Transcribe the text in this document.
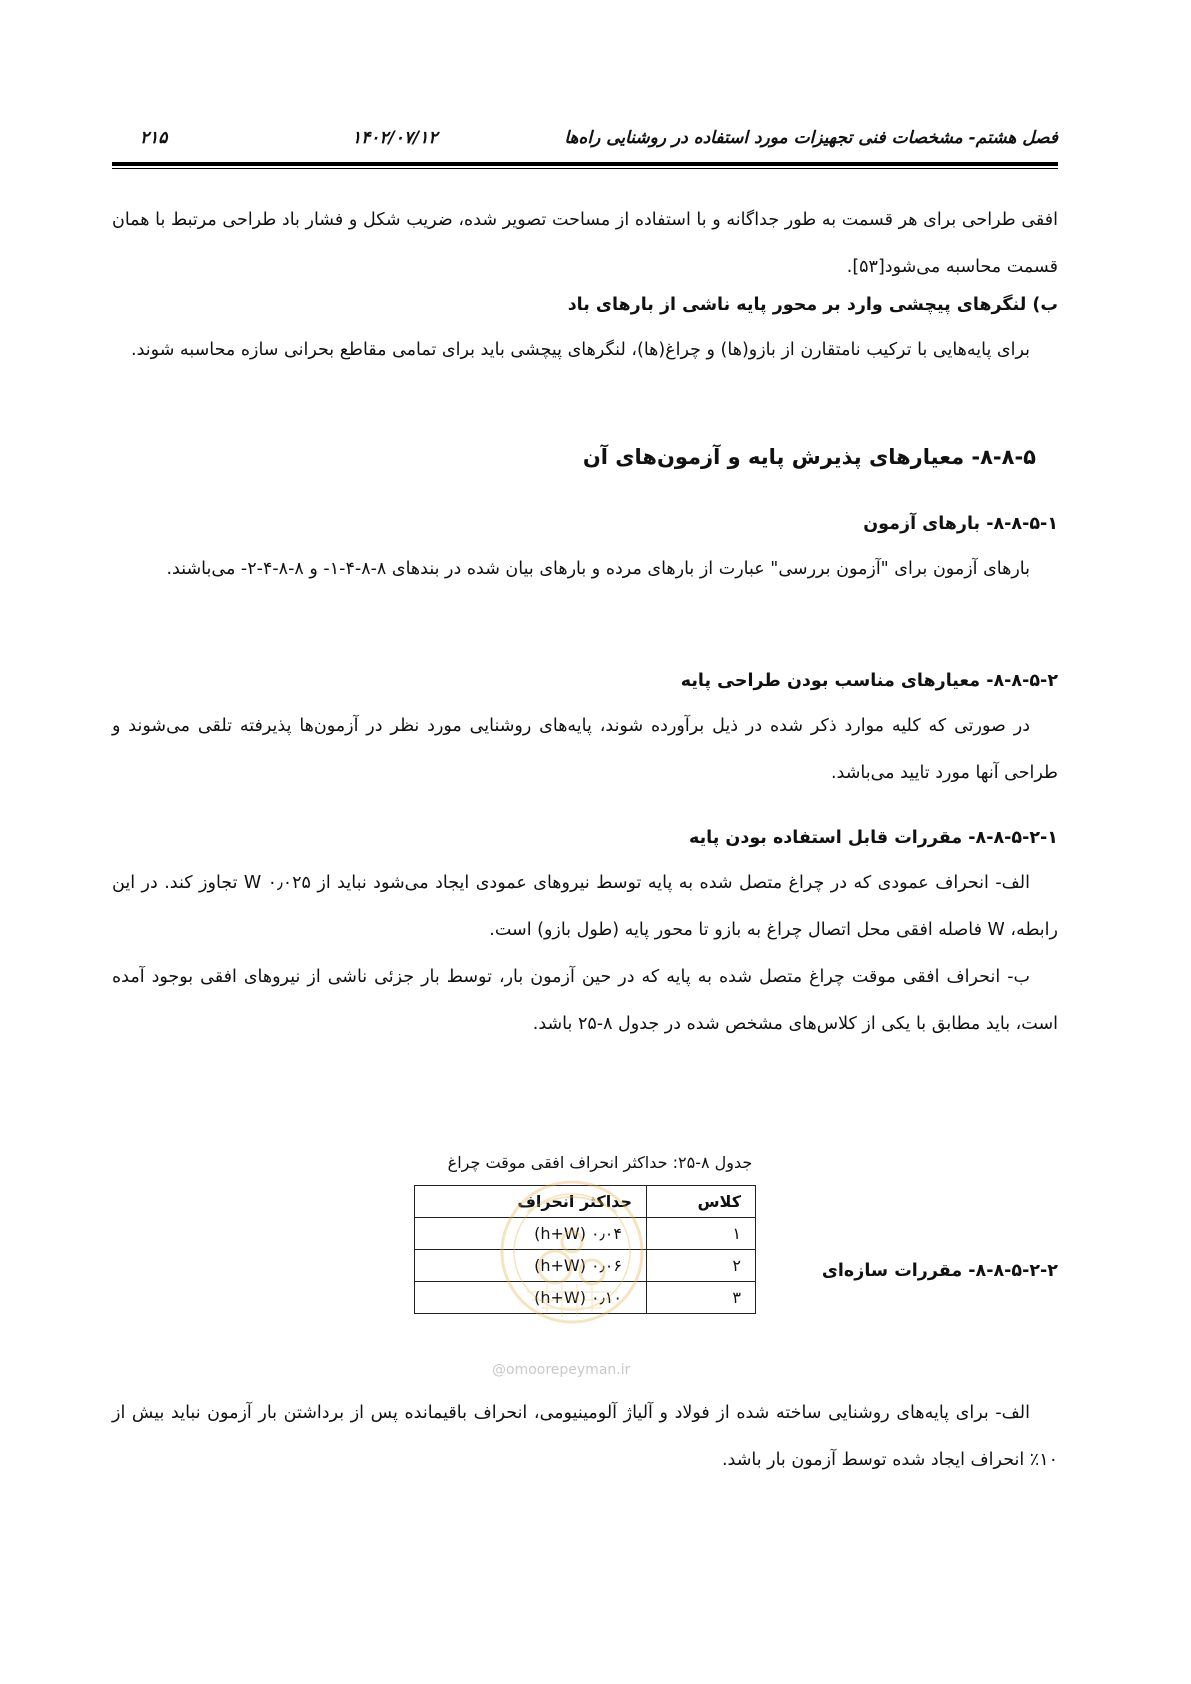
فصل هشتم- مشخصات فنی تجهیزات مورد استفاده در روشنایی راه‌ها
۱۴۰۲/۰۷/۱۲
۲۱۵

افقی طراحی برای هر قسمت به طور جداگانه و با استفاده از مساحت تصویر شده، ضریب شکل و فشار باد طراحی مرتبط با همان قسمت محاسبه می‌شود[۵۳].

ب) لنگرهای پیچشی وارد بر محور پایه ناشی از بارهای باد

برای پایه‌هایی با ترکیب نامتقارن از بازو(ها) و چراغ(ها)، لنگرهای پیچشی باید برای تمامی مقاطع بحرانی سازه محاسبه شوند.

۸-۸-۵- معیارهای پذیرش پایه و آزمون‌های آن

۸-۸-۵-۱- بارهای آزمون

بارهای آزمون برای "آزمون بررسی" عبارت از بارهای مرده و بارهای بیان شده در بندهای ۸-۸-۴-۱- و ۸-۸-۴-۲- می‌باشند.

۸-۸-۵-۲- معیارهای مناسب بودن طراحی پایه

در صورتی که کلیه موارد ذکر شده در ذیل برآورده شوند، پایه‌های روشنایی مورد نظر در آزمون‌ها پذیرفته تلقی می‌شوند و طراحی آنها مورد تایید می‌باشد.

۸-۸-۵-۲-۱- مقررات قابل استفاده بودن پایه

الف- انحراف عمودی که در چراغ متصل شده به پایه توسط نیروهای عمودی ایجاد می‌شود نباید از W ۰٫۰۲۵ تجاوز کند. در این رابطه، W فاصله افقی محل اتصال چراغ به بازو تا محور پایه (طول بازو) است.

ب- انحراف افقی موقت چراغ متصل شده به پایه که در حین آزمون بار، توسط بار جزئی ناشی از نیروهای افقی بوجود آمده است، باید مطابق با یکی از کلاس‌های مشخص شده در جدول ۸-۲۵ باشد.

جدول ۸-۲۵: حداکثر انحراف افقی موقت چراغ
کلاس	حداکثر انحراف
۱	۰٫۰۴ (h+W)
۲	۰٫۰۶ (h+W)
۳	۰٫۱۰ (h+W)

۸-۸-۵-۲-۲- مقررات سازه‌ای

الف- برای پایه‌های روشنایی ساخته شده از فولاد و آلیاژ آلومینیومی، انحراف باقیمانده پس از برداشتن بار آزمون نباید بیش از ۱۰٪ انحراف ایجاد شده توسط آزمون بار باشد.

@omoorepeyman.ir
